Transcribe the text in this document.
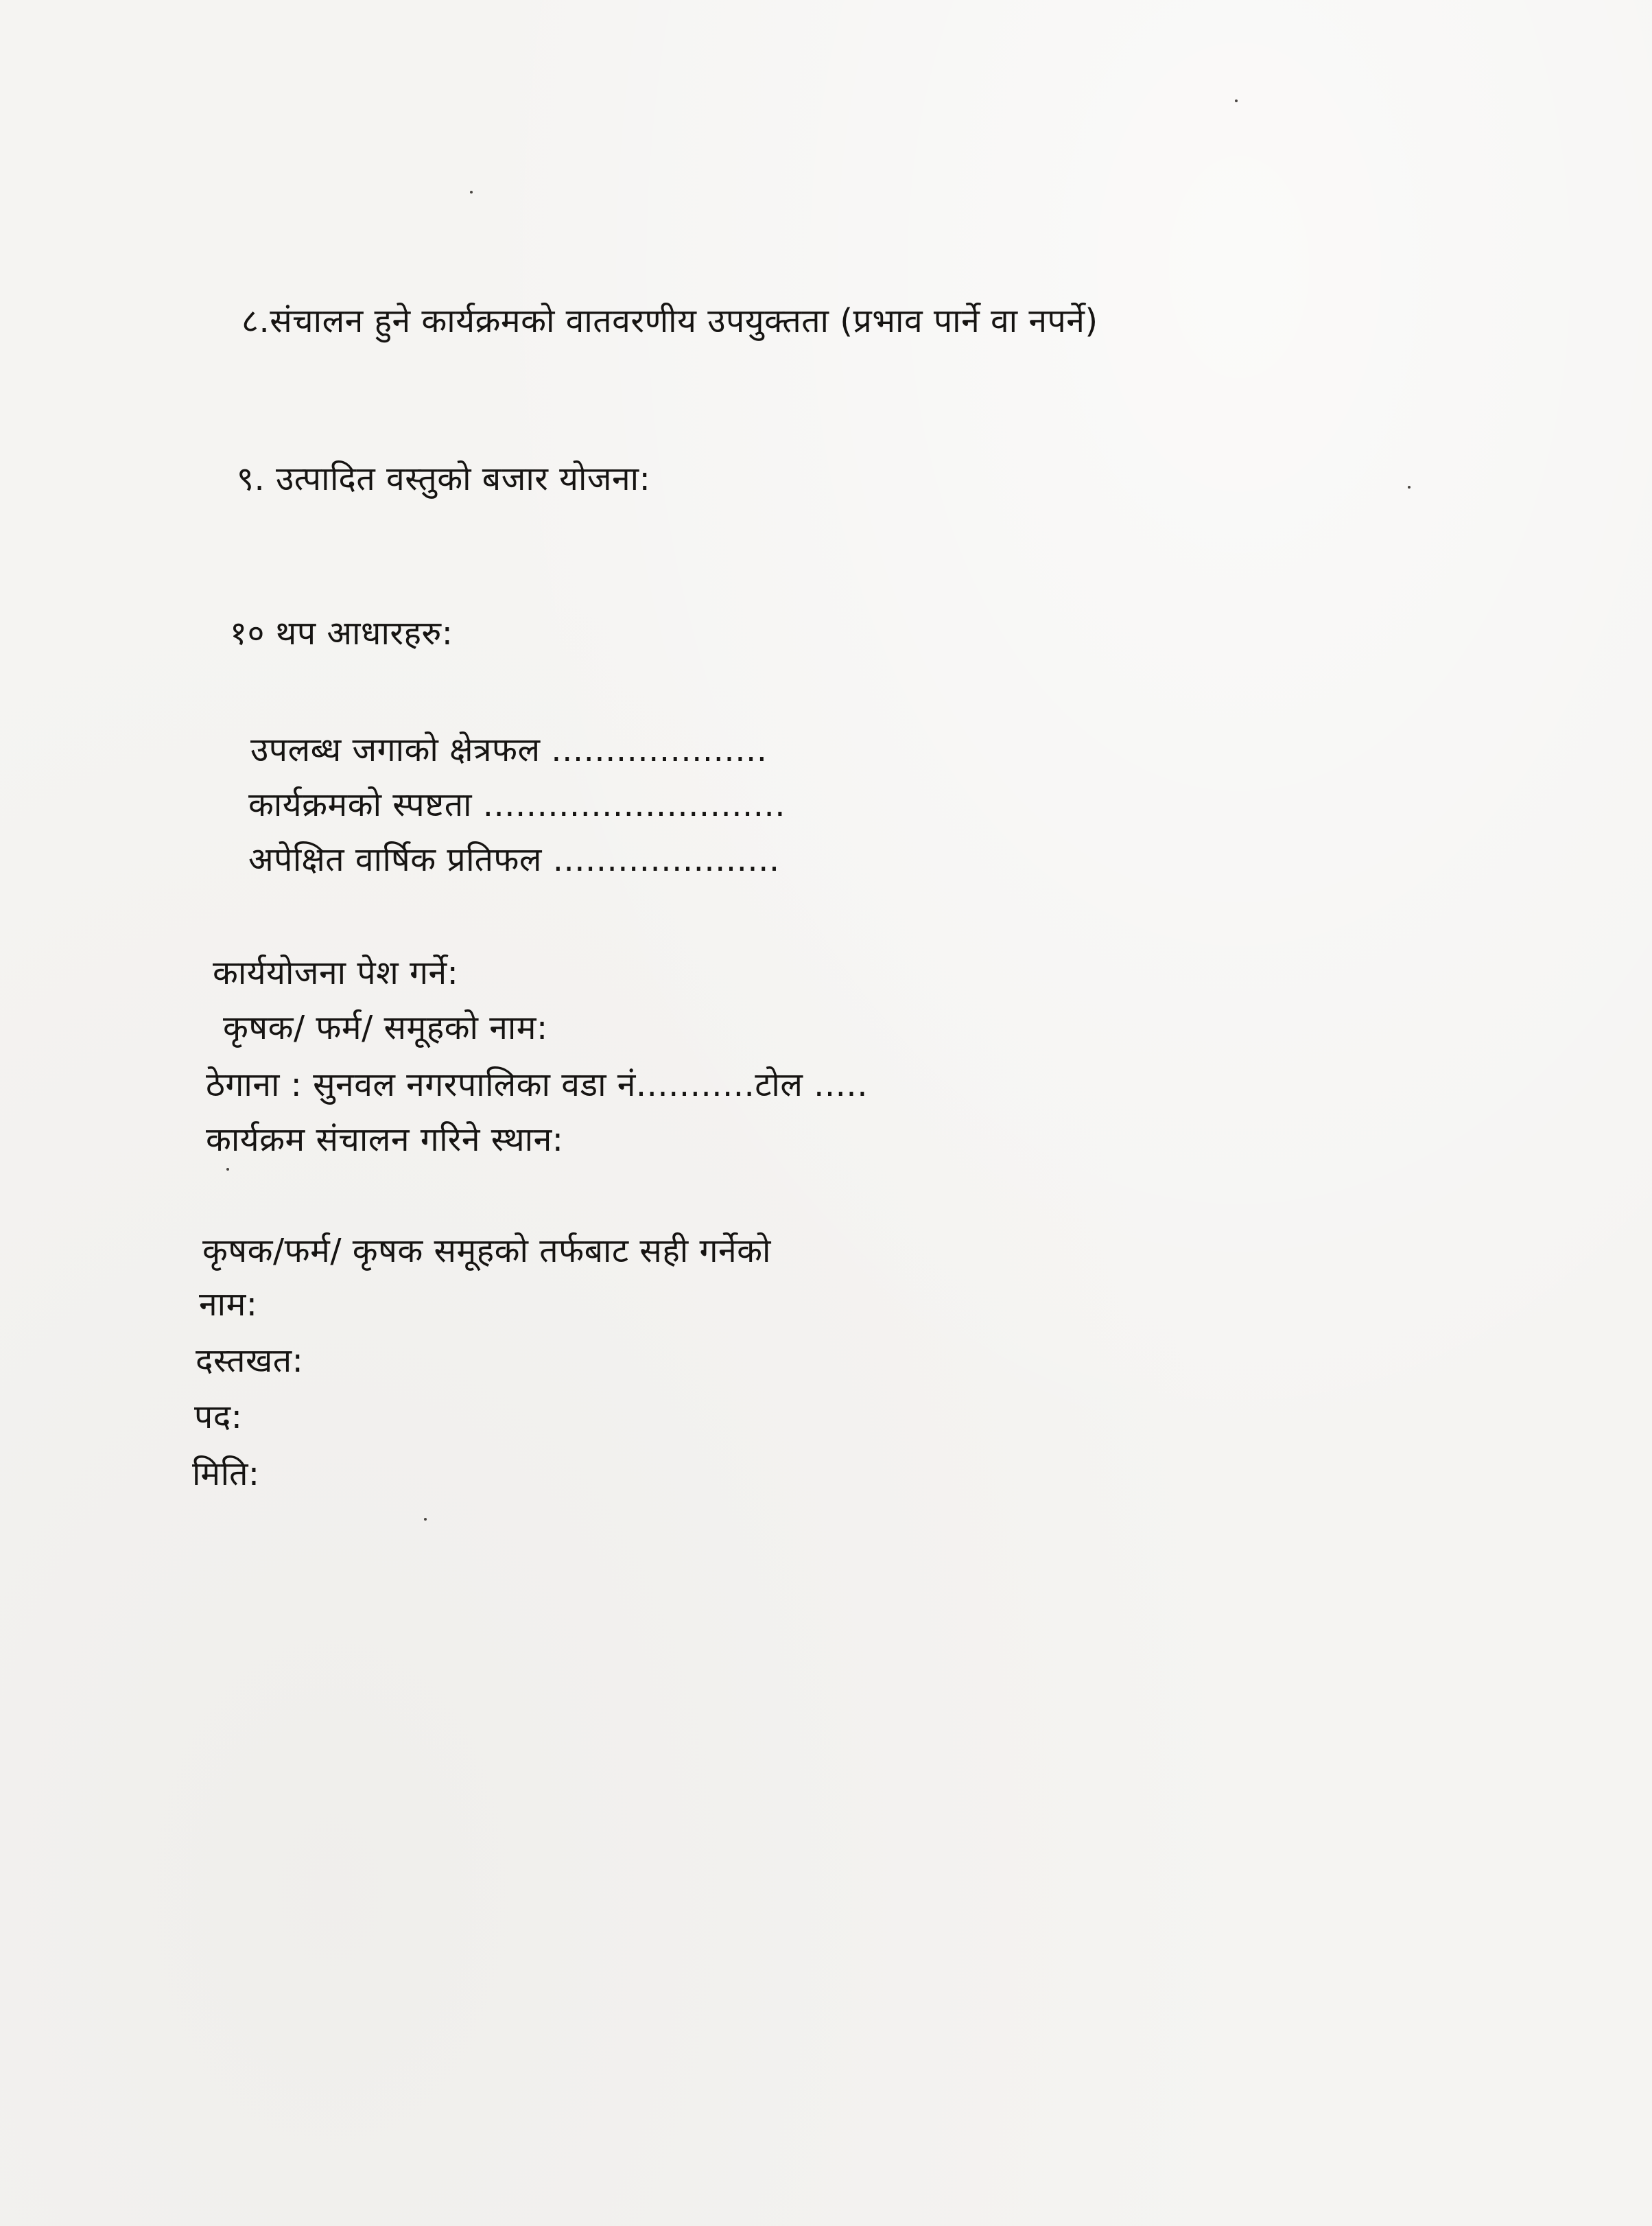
८.संचालन हुने कार्यक्रमको वातवरणीय उपयुक्तता (प्रभाव पार्ने वा नपर्ने)
९. उत्पादित वस्तुको बजार योजना:
१० थप आधारहरु:
उपलब्ध जगाको क्षेत्रफल ....................
कार्यक्रमको स्पष्टता ............................
अपेक्षित वार्षिक प्रतिफल .....................
कार्ययोजना पेश गर्ने:
कृषक/ फर्म/ समूहको नाम:
ठेगाना : सुनवल नगरपालिका वडा नं...........टोल .....
कार्यक्रम संचालन गरिने स्थान:
कृषक/फर्म/ कृषक समूहको तर्फबाट सही गर्नेको
नाम:
दस्तखत:
पद:
मिति:
